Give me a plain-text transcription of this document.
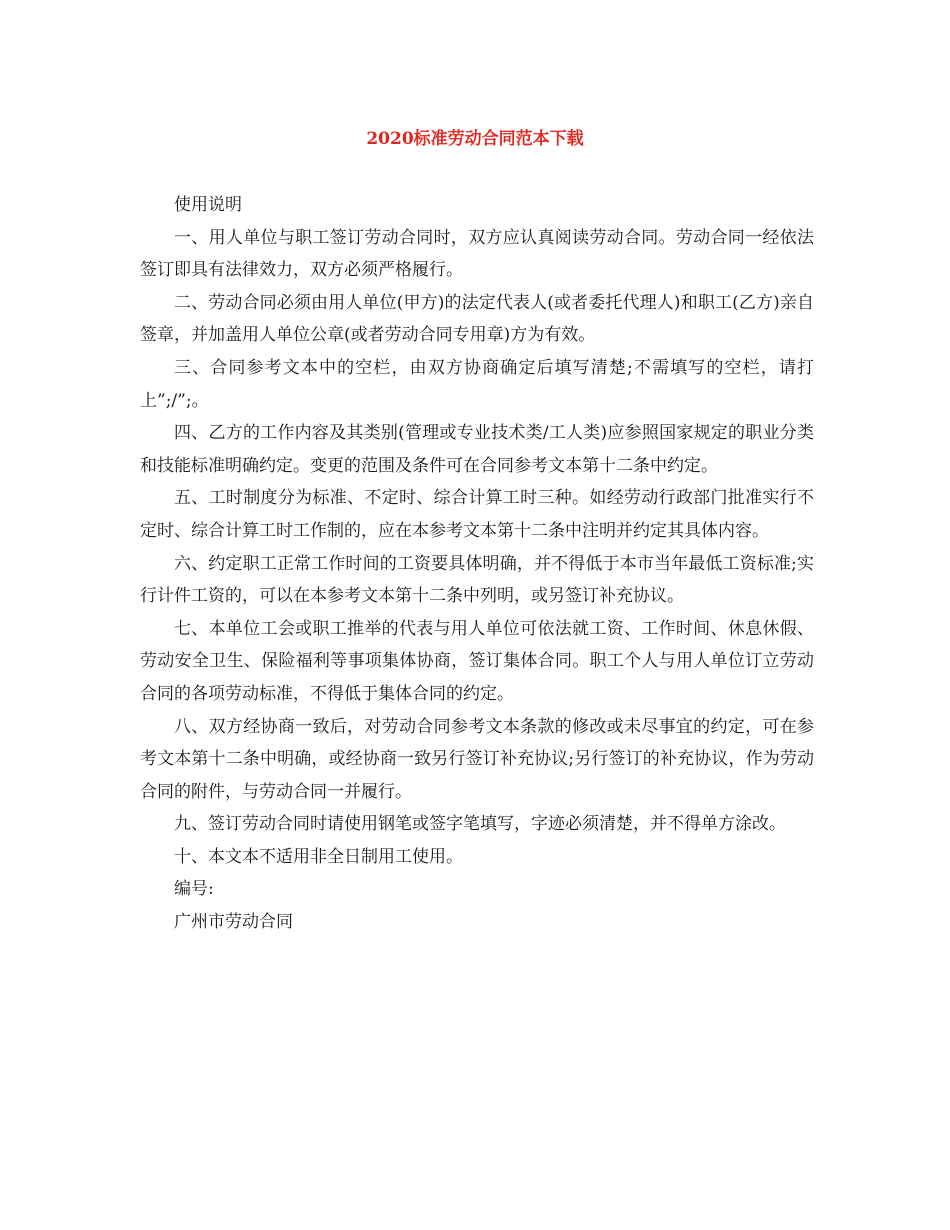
2020标准劳动合同范本下载

使用说明

一、用人单位与职工签订劳动合同时，双方应认真阅读劳动合同。劳动合同一经依法签订即具有法律效力，双方必须严格履行。

二、劳动合同必须由用人单位(甲方)的法定代表人(或者委托代理人)和职工(乙方)亲自签章，并加盖用人单位公章(或者劳动合同专用章)方为有效。

三、合同参考文本中的空栏，由双方协商确定后填写清楚;不需填写的空栏，请打上”;/”;。

四、乙方的工作内容及其类别(管理或专业技术类/工人类)应参照国家规定的职业分类和技能标准明确约定。变更的范围及条件可在合同参考文本第十二条中约定。

五、工时制度分为标准、不定时、综合计算工时三种。如经劳动行政部门批准实行不定时、综合计算工时工作制的，应在本参考文本第十二条中注明并约定其具体内容。

六、约定职工正常工作时间的工资要具体明确，并不得低于本市当年最低工资标准;实行计件工资的，可以在本参考文本第十二条中列明，或另签订补充协议。

七、本单位工会或职工推举的代表与用人单位可依法就工资、工作时间、休息休假、劳动安全卫生、保险福利等事项集体协商，签订集体合同。职工个人与用人单位订立劳动合同的各项劳动标准，不得低于集体合同的约定。

八、双方经协商一致后，对劳动合同参考文本条款的修改或未尽事宜的约定，可在参考文本第十二条中明确，或经协商一致另行签订补充协议;另行签订的补充协议，作为劳动合同的附件，与劳动合同一并履行。

九、签订劳动合同时请使用钢笔或签字笔填写，字迹必须清楚，并不得单方涂改。

十、本文本不适用非全日制用工使用。

编号:

广州市劳动合同
